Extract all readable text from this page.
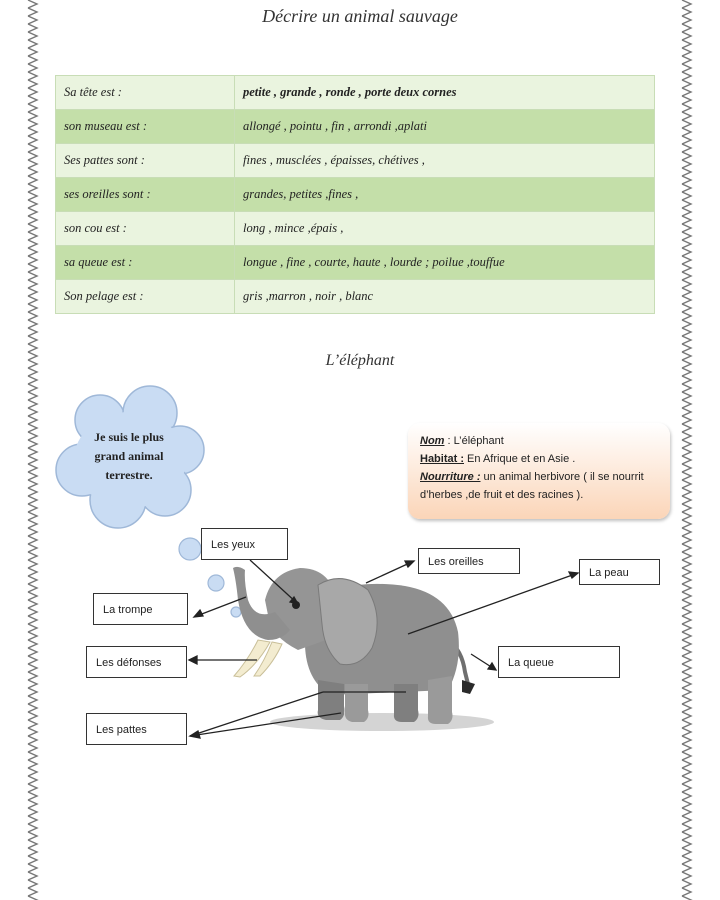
Décrire un animal sauvage
Sa tête est :	petite , grande , ronde , porte deux cornes
son museau est :	allongé , pointu , fin , arrondi ,aplati
Ses pattes sont :	fines , musclées , épaisses, chétives ,
ses oreilles sont :	grandes, petites ,fines ,
son cou est :	long , mince ,épais ,
sa queue est :	longue , fine , courte, haute , lourde ; poilue ,touffue
Son pelage est :	gris ,marron , noir , blanc
L’éléphant
Je suis le plus
grand animal
terrestre.
Nom : L’éléphant
Habitat : En Afrique et en Asie .
Nourriture : un animal herbivore ( il se nourrit d’herbes ,de fruit et des racines ).
Les yeux
Les oreilles
La peau
La trompe
Les défonses	La queue
Les pattes
